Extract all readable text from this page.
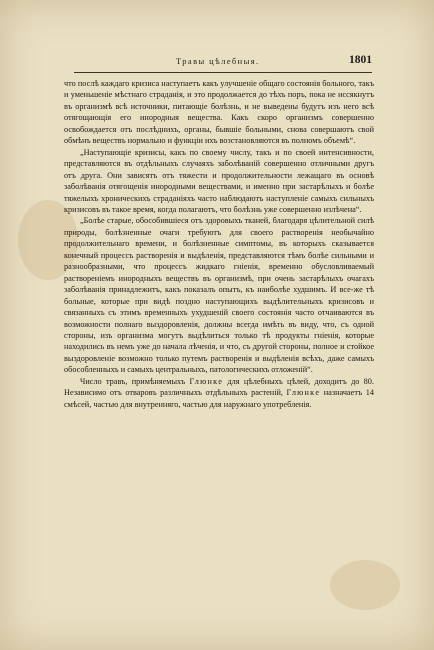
Травы цѣлебныя.	1801

что послѣ каждаго кризиса наступаетъ какъ улучшеніе общаго состоянія больного, такъ и уменьшеніе мѣстнаго страданія, и это продолжается до тѣхъ поръ, пока не иссякнутъ въ организмѣ всѣ источники, питающіе болѣзнь, и не выведены будутъ изъ него всѣ отягощающія его инородныя вещества. Какъ скоро организмъ совершенно освобождается отъ послѣднихъ, органы, бывшіе больными, снова совершаютъ свой обмѣнъ веществъ нормально и функціи ихъ возстановляются въ полномъ объемѣ“.

„Наступающіе кризисы, какъ по своему числу, такъ и по своей интенсивности, представляются въ отдѣльныхъ случаяхъ заболѣваній совершенно отличными другъ отъ друга. Они зависятъ отъ тяжести и продолжительности лежащаго въ основѣ заболѣванія отягощенія инородными веществами, и именно при застарѣлыхъ и болѣе тяжелыхъ хроническихъ страданіяхъ часто наблюдаютъ наступленіе самыхъ сильныхъ кризисовъ въ такое время, когда полагаютъ, что болѣзнь уже совершенно излѣчена“.

„Болѣе старые, обособившіеся отъ здоровыхъ тканей, благодаря цѣлительной силѣ природы, болѣзненные очаги требуютъ для своего растворенія необычайно продолжительнаго времени, и болѣзненные симптомы, въ которыхъ сказывается конечный процессъ растворенія и выдѣленія, представляются тѣмъ болѣе сильными и разнообразными, что процессъ жидкаго гніенія, временно обусловливаемый раствореніемъ инородныхъ веществъ въ организмѣ, при очень застарѣлыхъ очагахъ заболѣванія принадлежитъ, какъ показалъ опытъ, къ наиболѣе худшимъ. И все-же тѣ больные, которые при видѣ поздно наступающихъ выдѣлительныхъ кризисовъ и связанныхъ съ этимъ временныхъ ухудшеній своего состоянія часто отчаиваются въ возможности полнаго выздоровленія, должны всегда имѣть въ виду, что, съ одной стороны, изъ организма могутъ выдѣлиться только тѣ продукты гніенія, которые находились въ немъ уже до начала лѣченія, и что, съ другой стороны, полное и стойкое выздоровленіе возможно только путемъ растворенія и выдѣленія всѣхъ, даже самыхъ обособленныхъ и самыхъ центральныхъ, патологическихъ отложеній“.

Число травъ, примѣняемыхъ Глюнкe для цѣлебныхъ цѣлей, доходитъ до 80. Независимо отъ отваровъ различныхъ отдѣльныхъ растеній, Глюнкe назначаетъ 14 смѣсей, частью для внутренняго, частью для наружнаго употребленія.
